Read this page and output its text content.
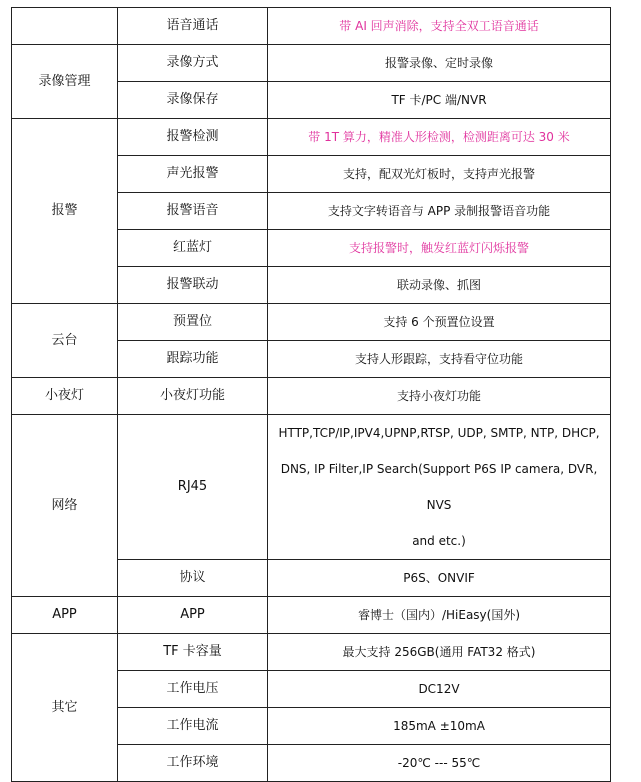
	语音通话	带 AI 回声消除，支持全双工语音通话
录像管理	录像方式	报警录像、定时录像
	录像保存	TF 卡/PC 端/NVR
报警	报警检测	带 1T 算力，精准人形检测，检测距离可达 30 米
	声光报警	支持，配双光灯板时，支持声光报警
	报警语音	支持文字转语音与 APP 录制报警语音功能
	红蓝灯	支持报警时，触发红蓝灯闪烁报警
	报警联动	联动录像、抓图
云台	预置位	支持 6 个预置位设置
	跟踪功能	支持人形跟踪，支持看守位功能
小夜灯	小夜灯功能	支持小夜灯功能
网络	RJ45	HTTP,TCP/IP,IPV4,UPNP,RTSP, UDP, SMTP, NTP, DHCP,
DNS, IP Filter,IP Search(Support P6S IP camera, DVR, NVS
and etc.)

	协议	P6S、ONVIF
APP	APP	睿博士（国内）/HiEasy(国外)
其它	TF 卡容量	最大支持 256GB(通用 FAT32 格式)
	工作电压	DC12V
	工作电流	185mA ±10mA
	工作环境	-20℃ --- 55℃
